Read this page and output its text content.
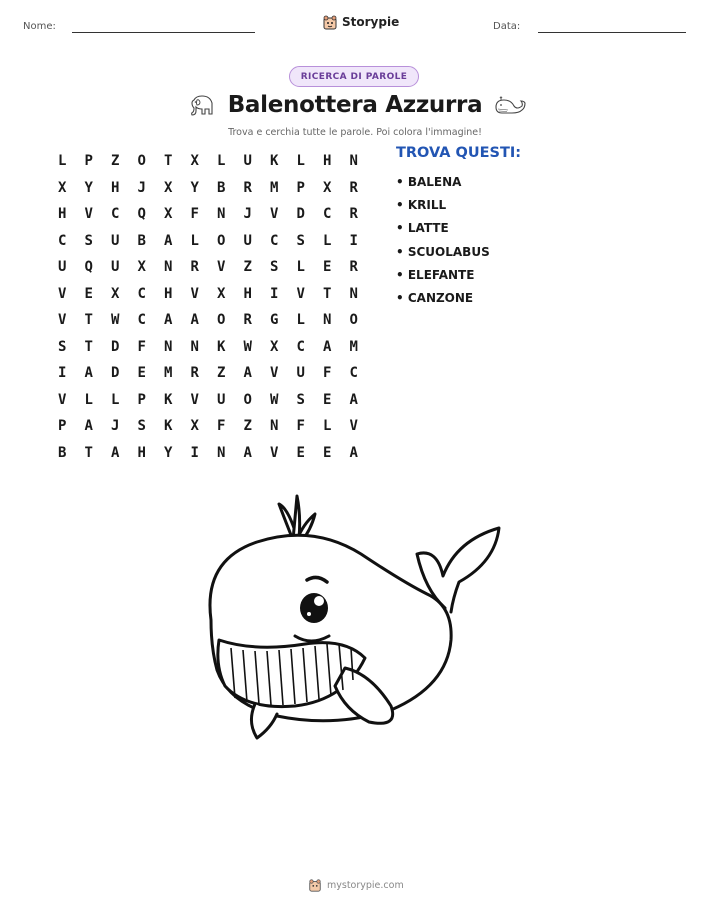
Nome:	Storypie	Data:
RICERCA DI PAROLE
Balenottera Azzurra
Trova e cerchia tutte le parole. Poi colora l'immagine!
L	P	Z	O	T	X	L	U	K	L	H	N
X	Y	H	J	X	Y	B	R	M	P	X	R
H	V	C	Q	X	F	N	J	V	D	C	R
C	S	U	B	A	L	O	U	C	S	L	I
U	Q	U	X	N	R	V	Z	S	L	E	R
V	E	X	C	H	V	X	H	I	V	T	N
V	T	W	C	A	A	O	R	G	L	N	O
S	T	D	F	N	N	K	W	X	C	A	M
I	A	D	E	M	R	Z	A	V	U	F	C
V	L	L	P	K	V	U	O	W	S	E	A
P	A	J	S	K	X	F	Z	N	F	L	V
B	T	A	H	Y	I	N	A	V	E	E	A
TROVA QUESTI:
• BALENA
• KRILL
• LATTE
• SCUOLABUS
• ELEFANTE
• CANZONE
mystorypie.com
